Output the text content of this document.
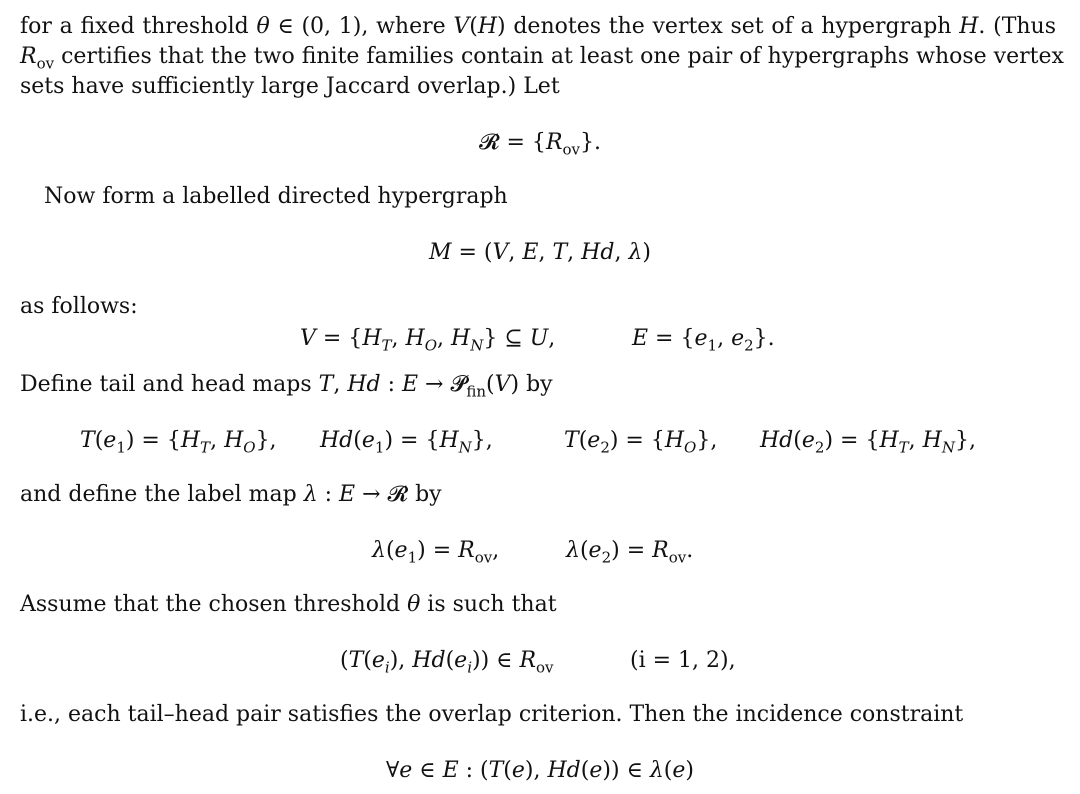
for a fixed threshold θ ∈ (0, 1), where V(H) denotes the vertex set of a hypergraph H. (Thus
$R_{ov}$ certifies that the two finite families contain at least one pair of hypergraphs whose vertex
sets have sufficiently large Jaccard overlap.) Let
𝓡 = $\{R_{ov}\}$.
Now form a labelled directed hypergraph
M = (V, E, T, Hd, λ)
as follows:
$V = \{H_T$, $H_O$, $H_N$} ⊆ U,	$E = \{e_1$, $e_2$}.
Define tail and head maps T, Hd : E → 𝓟$_{fin}$(V) by
$T(e_1) = \{H_T$, $H_O$}, $Hd(e_1) = \{H_N\}$,	$T(e_2) = \{H_O\}$, $Hd(e_2) = \{H_T$, $H_N$},
and define the label map λ : E → 𝓡 by
$\lambda(e_1) = R_{ov}$,	$\lambda(e_2) = R_{ov}$.
Assume that the chosen threshold θ is such that
($T(e_i)$, $Hd(e_i)$) ∈ $R_{ov}$	(i = 1, 2),
i.e., each tail–head pair satisfies the overlap criterion. Then the incidence constraint
∀e ∈ E : (T(e), Hd(e)) ∈ λ(e)
